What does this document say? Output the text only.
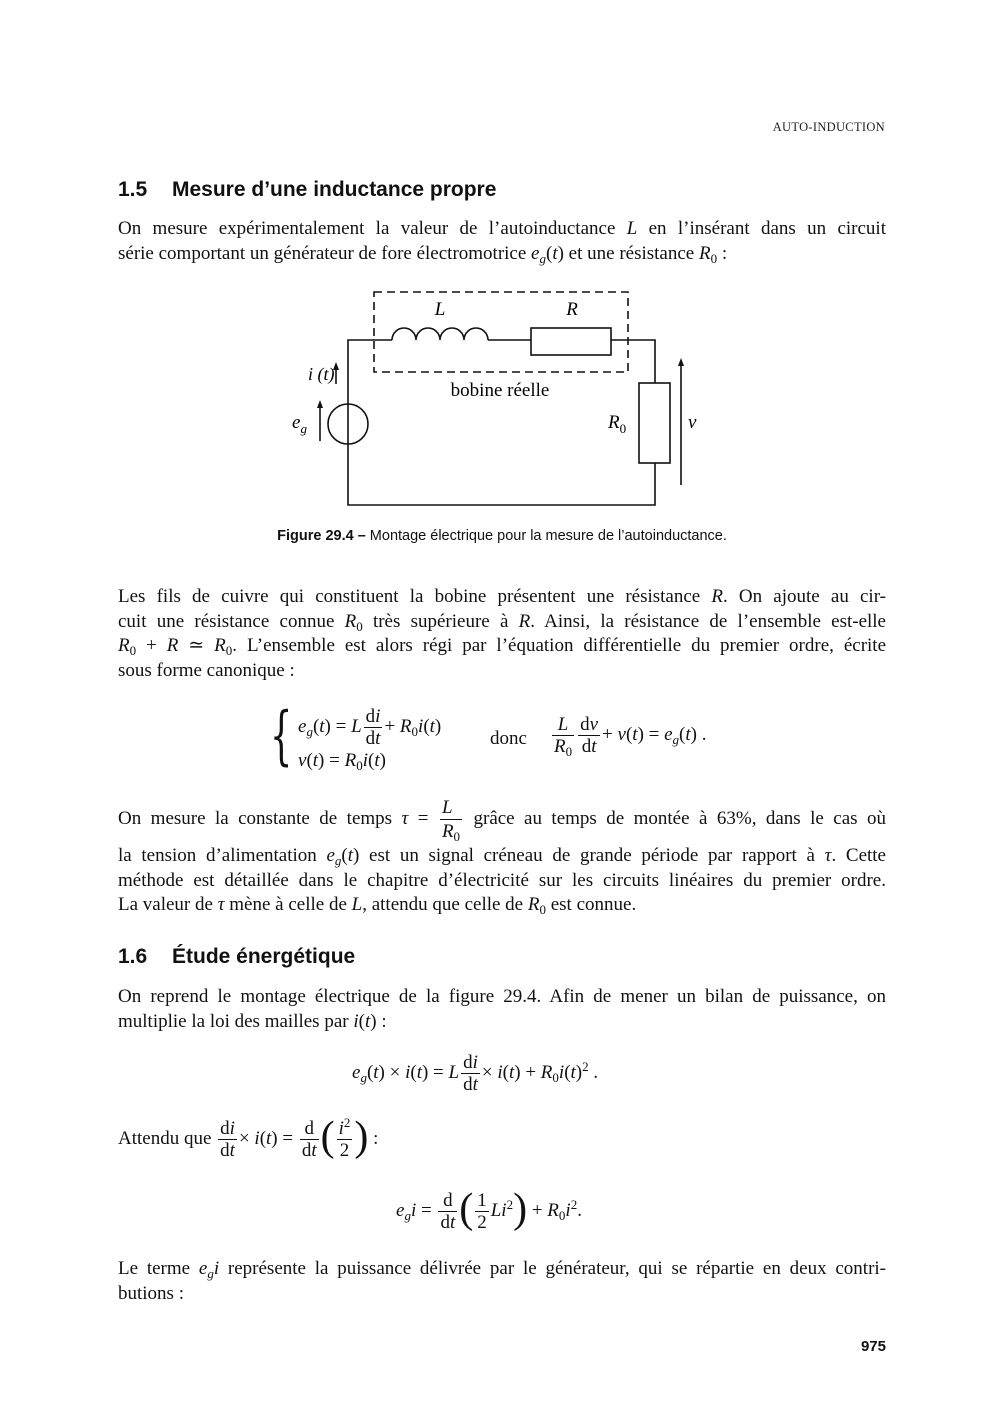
AUTO-INDUCTION
1.5 Mesure d’une inductance propre
On mesure expérimentalement la valeur de l’autoinductance L en l’insérant dans un circuit
série comportant un générateur de fore électromotrice $e_g(t)$ et une résistance $R_0$ :
L	R
i (t)
bobine réelle
$e_g$	$R_0$	v
Figure 29.4 – Montage électrique pour la mesure de l’autoinductance.
Les fils de cuivre qui constituent la bobine présentent une résistance R. On ajoute au cir-
cuit une résistance connue $R_0$ très supérieure à R. Ainsi, la résistance de l’ensemble est-elle
$R_0 + R$ ≃ $R_0$. L’ensemble est alors régi par l’équation différentielle du premier ordre, écrite
sous forme canonique :
{ $e_g(t) = L \frac{di}{dt} + R_0i(t)$
$v(t) = R_0i(t)$
donc $\frac{L}{R_0} \frac{dv}{dt} + v(t) = e_g(t)$ .
On mesure la constante de temps $\tau = \frac{L}{R_0}$ grâce au temps de montée à 63%, dans le cas où
la tension d’alimentation $e_g(t)$ est un signal créneau de grande période par rapport à τ. Cette
méthode est détaillée dans le chapitre d’électricité sur les circuits linéaires du premier ordre.
La valeur de τ mène à celle de L, attendu que celle de $R_0$ est connue.
1.6 Étude énergétique
On reprend le montage électrique de la figure 29.4. Afin de mener un bilan de puissance, on
multiplie la loi des mailles par i(t) :
$e_g(t) \times i(t) = L \frac{di}{dt} \times i(t) + R_0i(t)^2$ .
Attendu que $\frac{di}{dt} \times i(t) = \frac{d}{dt}$ ( $\frac{i^2}{2}$ ) :
$e_gi = \frac{d}{dt}$ ( $\frac{1}{2} Li^2) + R_0i^2$.
Le terme $e_gi$ représente la puissance délivrée par le générateur, qui se répartie en deux contri-
butions :
975
